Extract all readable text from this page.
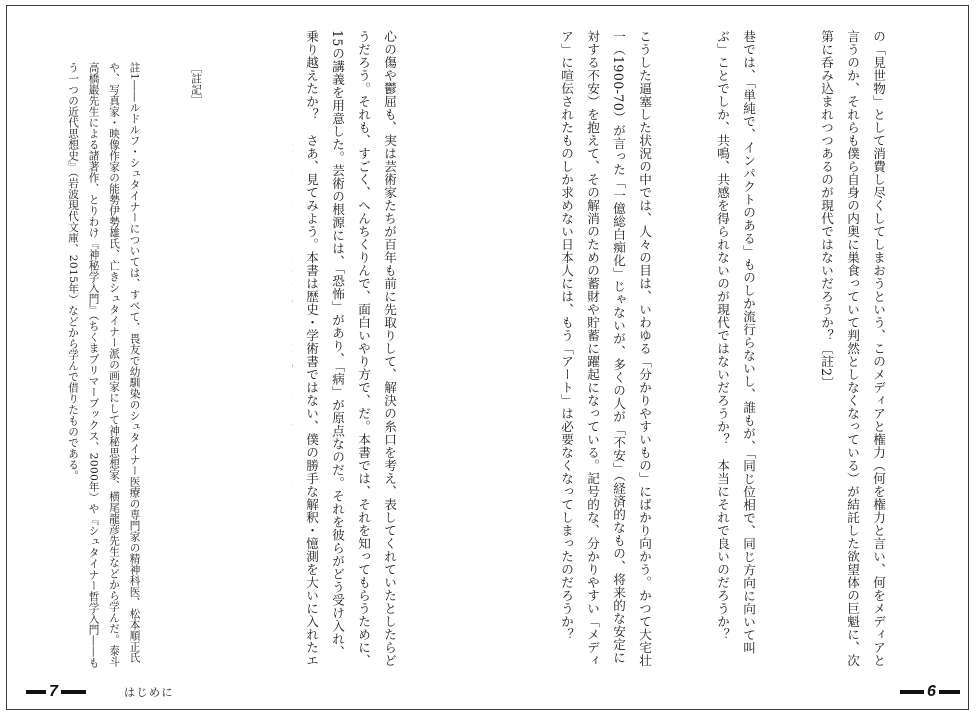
の「見世物」として消費し尽くしてしまおうという、このメディアと権力（何を権力と言い、何をメディアと言うのか、それらも僕ら自身の内奥に巣食っていて判然としなくなっている）が結託した欲望体の巨魁に、次第に呑み込まれつつあるのが現代ではないだろうか？〔註2〕

巷では、「単純で、インパクトのある」ものしか流行らないし、誰もが、「同じ位相で、同じ方向に向いて叫ぶ」ことでしか、共鳴、共感を得られないのが現代ではないだろうか？　本当にそれで良いのだろうか？

こうした逼塞した状況の中では、人々の目は、いわゆる「分かりやすいもの」にばかり向かう。かつて大宅壮一（1900‐70）が言った「一億総白痴化」じゃないが、多くの人が「不安」（経済的なもの、将来的な安定に対する不安）を抱えて、その解消のための蓄財や貯蓄に躍起になっている。記号的な、分かりやすい「メディア」に喧伝されたものしか求めない日本人には、もう「アート」は必要なくなってしまったのだろうか？

心の傷や鬱屈も、実は芸術家たちが百年も前に先取りして、解決の糸口を考え、表してくれていたとしたらどうだろう。それも、すごく、へんちくりんで、面白いやり方で、だ。本書では、それを知ってもらうために、15の講義を用意した。芸術の根源には、「恐怖」があり、「病」が原点なのだ。それを彼らがどう受け入れ、乗り越えたか？　さあ、見てみよう。本書は歴史・学術書ではない、僕の勝手な解釈・憶測を大いに入れたエ

［註記］

註1――ルドルフ・シュタイナーについては、すべて、畏友で幼馴染のシュタイナー医療の専門家の精神科医、松本順正氏や、写真家・映像作家の能勢伊勢雄氏、亡きシュタイナー派の画家にして神秘思想家、横尾龍彦先生などから学んだ。泰斗高橋巖先生による諸著作、とりわけ『神秘学入門』（ちくまプリマーブックス、2000年）や『シュタイナー哲学入門――もう一つの近代思想史』（岩波現代文庫、2015年）などから学んで借りたものである。

7	はじめに	6
